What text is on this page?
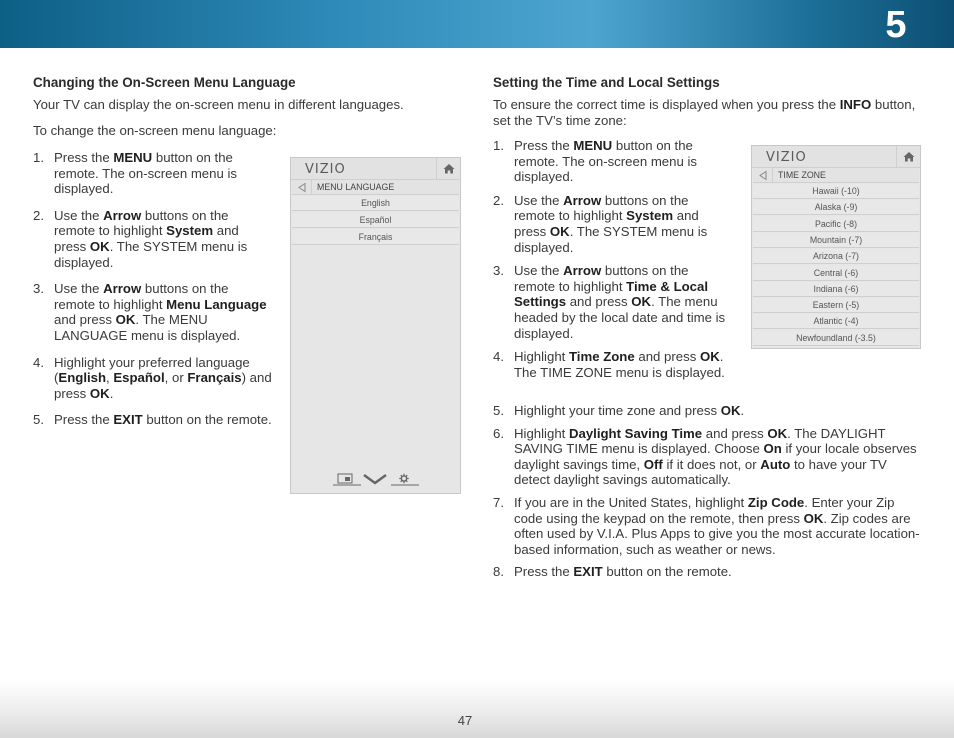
5
Changing the On-Screen Menu Language
Your TV can display the on-screen menu in different languages.
To change the on-screen menu language:
1. Press the MENU button on the remote. The on-screen menu is displayed.
2. Use the Arrow buttons on the remote to highlight System and press OK. The SYSTEM menu is displayed.
3. Use the Arrow buttons on the remote to highlight Menu Language and press OK. The MENU LANGUAGE menu is displayed.
4. Highlight your preferred language (English, Español, or Français) and press OK.
5. Press the EXIT button on the remote.
VIZIO
MENU LANGUAGE
English
Español
Français
Setting the Time and Local Settings
To ensure the correct time is displayed when you press the INFO button, set the TV’s time zone:
1. Press the MENU button on the remote. The on-screen menu is displayed.
2. Use the Arrow buttons on the remote to highlight System and press OK. The SYSTEM menu is displayed.
3. Use the Arrow buttons on the remote to highlight Time & Local Settings and press OK. The menu headed by the local date and time is displayed.
4. Highlight Time Zone and press OK. The TIME ZONE menu is displayed.
5. Highlight your time zone and press OK.
6. Highlight Daylight Saving Time and press OK. The DAYLIGHT SAVING TIME menu is displayed. Choose On if your locale observes daylight savings time, Off if it does not, or Auto to have your TV detect daylight savings automatically.
7. If you are in the United States, highlight Zip Code. Enter your Zip code using the keypad on the remote, then press OK. Zip codes are often used by V.I.A. Plus Apps to give you the most accurate location-based information, such as weather or news.
8. Press the EXIT button on the remote.
VIZIO
TIME ZONE
Hawaii (-10)
Alaska (-9)
Pacific (-8)
Mountain (-7)
Arizona (-7)
Central (-6)
Indiana (-6)
Eastern (-5)
Atlantic (-4)
Newfoundland (-3.5)
47
